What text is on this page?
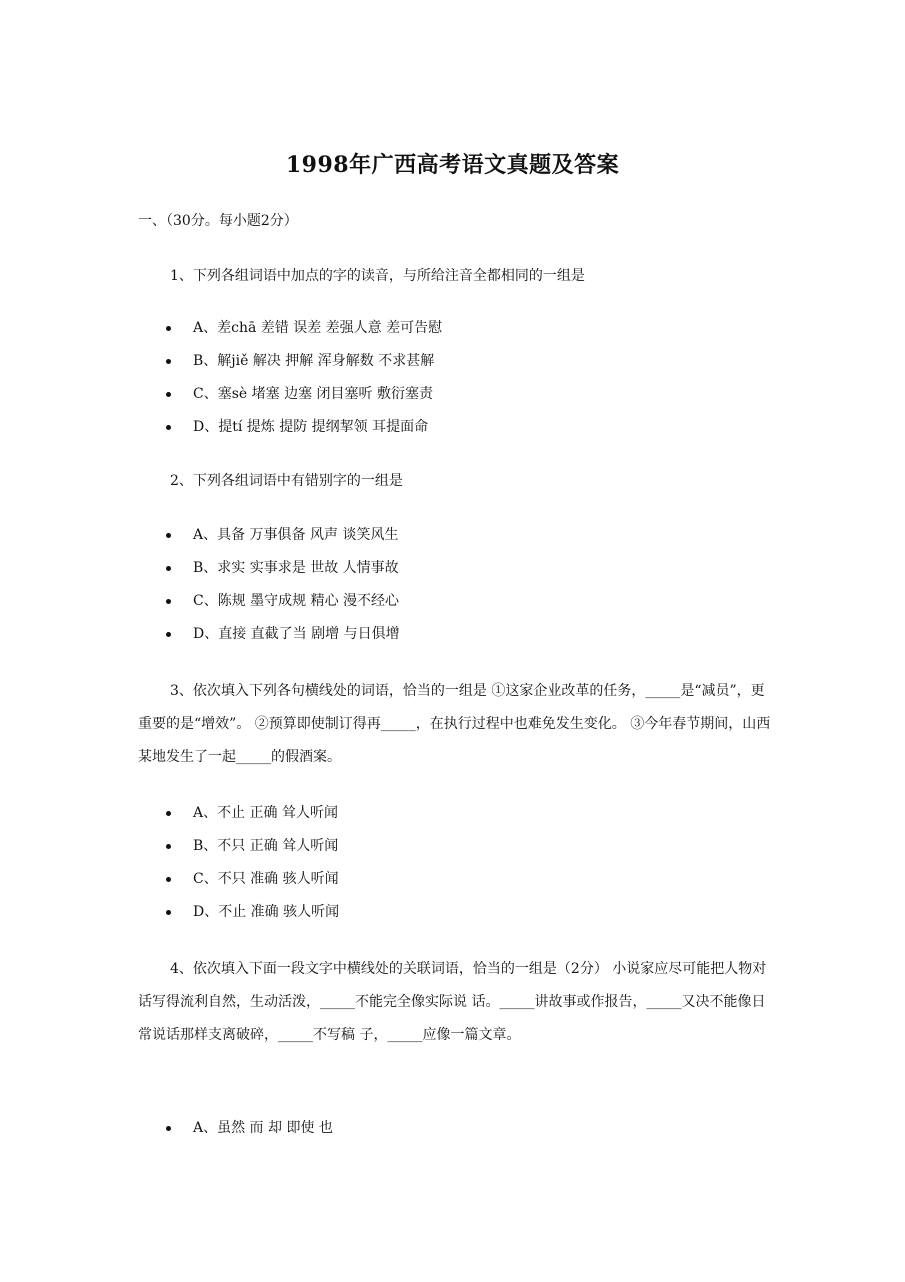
1998年广西高考语文真题及答案
一、（30分。每小题2分）

1、下列各组词语中加点的字的读音，与所给注音全都相同的一组是

A、差chā 差错 误差 差强人意 差可告慰
B、解jiě 解决 押解 浑身解数 不求甚解
C、塞sè 堵塞 边塞 闭目塞听 敷衍塞责
D、提tí 提炼 提防 提纲挈领 耳提面命

2、下列各组词语中有错别字的一组是

A、具备 万事俱备 风声 谈笑风生
B、求实 实事求是 世故 人情事故
C、陈规 墨守成规 精心 漫不经心
D、直接 直截了当 剧增 与日俱增

3、依次填入下列各句横线处的词语，恰当的一组是 ①这家企业改革的任务，_____是“减员”，更重要的是“增效”。 ②预算即使制订得再_____，在执行过程中也难免发生变化。 ③今年春节期间，山西某地发生了一起_____的假酒案。

A、不止 正确 耸人听闻
B、不只 正确 耸人听闻
C、不只 准确 骇人听闻
D、不止 准确 骇人听闻

4、依次填入下面一段文字中横线处的关联词语，恰当的一组是（2分） 小说家应尽可能把人物对话写得流利自然，生动活泼，_____不能完全像实际说 话。_____讲故事或作报告，_____又决不能像日常说话那样支离破碎，_____不写稿 子，_____应像一篇文章。

A、虽然 而 却 即使 也
